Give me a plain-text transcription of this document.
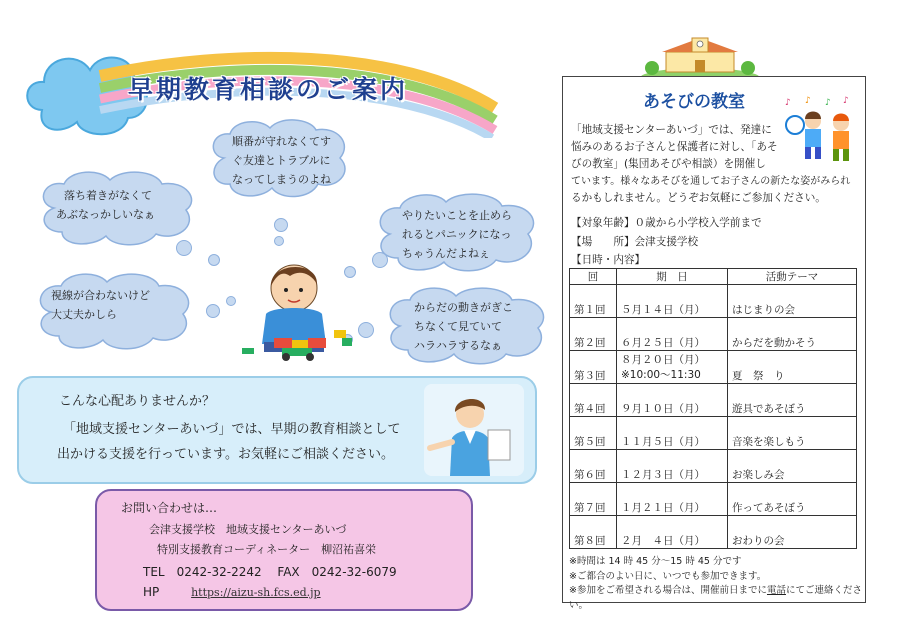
早期教育相談のご案内
順番が守れなくてす
ぐ友達とトラブルに
なってしまうのよね
落ち着きがなくて
あぶなっかしいなぁ	やりたいことを止めら
れるとパニックになっ
ちゃうんだよねぇ
視線が合わないけど
大丈夫かしら
からだの動きがぎこ
ちなくて見ていて
ハラハラするなぁ
こんな心配ありませんか？
「地域支援センターあいづ」では、早期の教育相談として
出かける支援を行っています。お気軽にご相談ください。
お問い合わせは…
会津支援学校　地域支援センターあいづ
特別支援教育コーディネーター　柳沼祐喜栄
TEL　0242-32-2242　 FAX　0242-32-6079
HP	https://aizu-sh.fcs.ed.jp
あそびの教室	♪ ♪ ♪ ♪
「地域支援センターあいづ」では、発達に
悩みのあるお子さんと保護者に対し、「あそ
びの教室」(集団あそびや相談）を開催し
ています。様々なあそびを通してお子さんの新たな姿がみられ
るかもしれません。どうぞお気軽にご参加ください。
【対象年齢】０歳から小学校入学前まで
【場　　所】会津支援学校
【日時・内容】
回	期　日	活動テーマ
第１回	５月１４日（月）	はじまりの会
第２回	６月２５日（月）	からだを動かそう
第３回	８月２０日（月）
※10:00～11:30	夏　祭　り
第４回	９月１０日（月）	遊具であそぼう
第５回	１１月５日（月）	音楽を楽しもう
第６回	１２月３日（月）	お楽しみ会
第７回	１月２１日（月）	作ってあそぼう
第８回	２月　４日（月）	おわりの会
※時間は 14 時 45 分～15 時 45 分です
※ご都合のよい日に、いつでも参加できます。
※参加をご希望される場合は、開催前日までに電話にてご連絡ください。
